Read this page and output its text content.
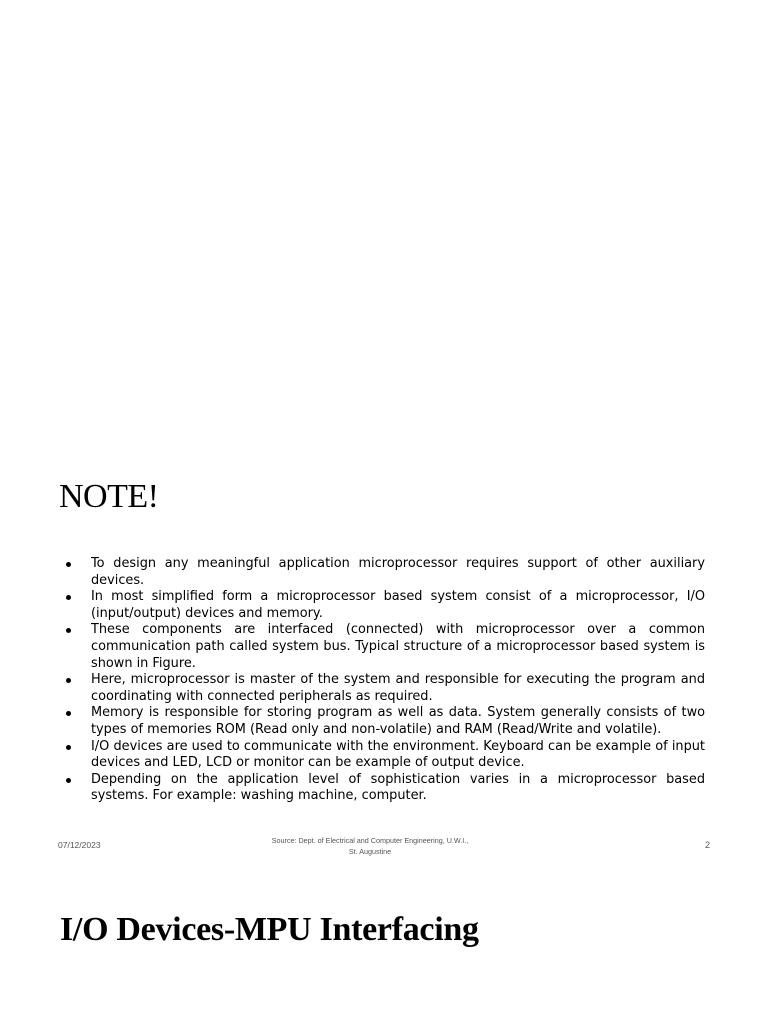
NOTE!
To design any meaningful application microprocessor requires support of other auxiliary devices.
In most simplified form a microprocessor based system consist of a microprocessor, I/O (input/output) devices and memory.
These components are interfaced (connected) with microprocessor over a common communication path called system bus. Typical structure of a microprocessor based system is shown in Figure.
Here, microprocessor is master of the system and responsible for executing the program and coordinating with connected peripherals as required.
Memory is responsible for storing program as well as data. System generally consists of two types of memories ROM (Read only and non-volatile) and RAM (Read/Write and volatile).
I/O devices are used to communicate with the environment. Keyboard can be example of input devices and LED, LCD or monitor can be example of output device.
Depending on the application level of sophistication varies in a microprocessor based systems. For example: washing machine, computer.
07/12/2023	Source: Dept. of Electrical and Computer Engineering, U.W.I.,
St. Augustine
2
I/O Devices-MPU Interfacing
